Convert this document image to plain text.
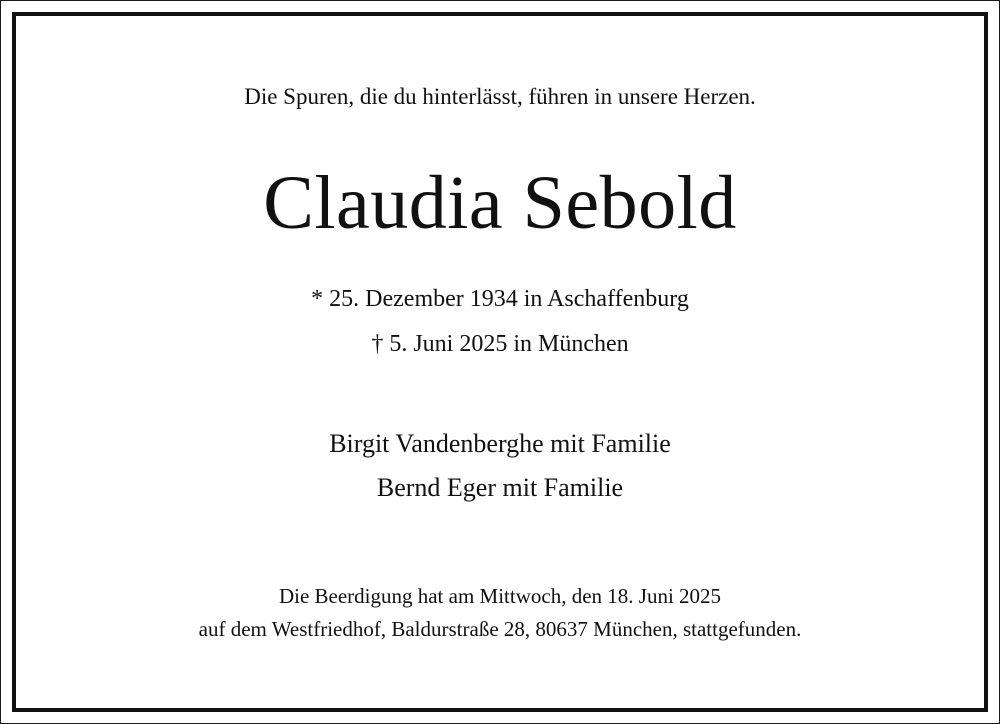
Die Spuren, die du hinterlässt, führen in unsere Herzen.
Claudia Sebold
* 25. Dezember 1934 in Aschaffenburg
† 5. Juni 2025 in München
Birgit Vandenberghe mit Familie
Bernd Eger mit Familie
Die Beerdigung hat am Mittwoch, den 18. Juni 2025
auf dem Westfriedhof, Baldurstraße 28, 80637 München, stattgefunden.
